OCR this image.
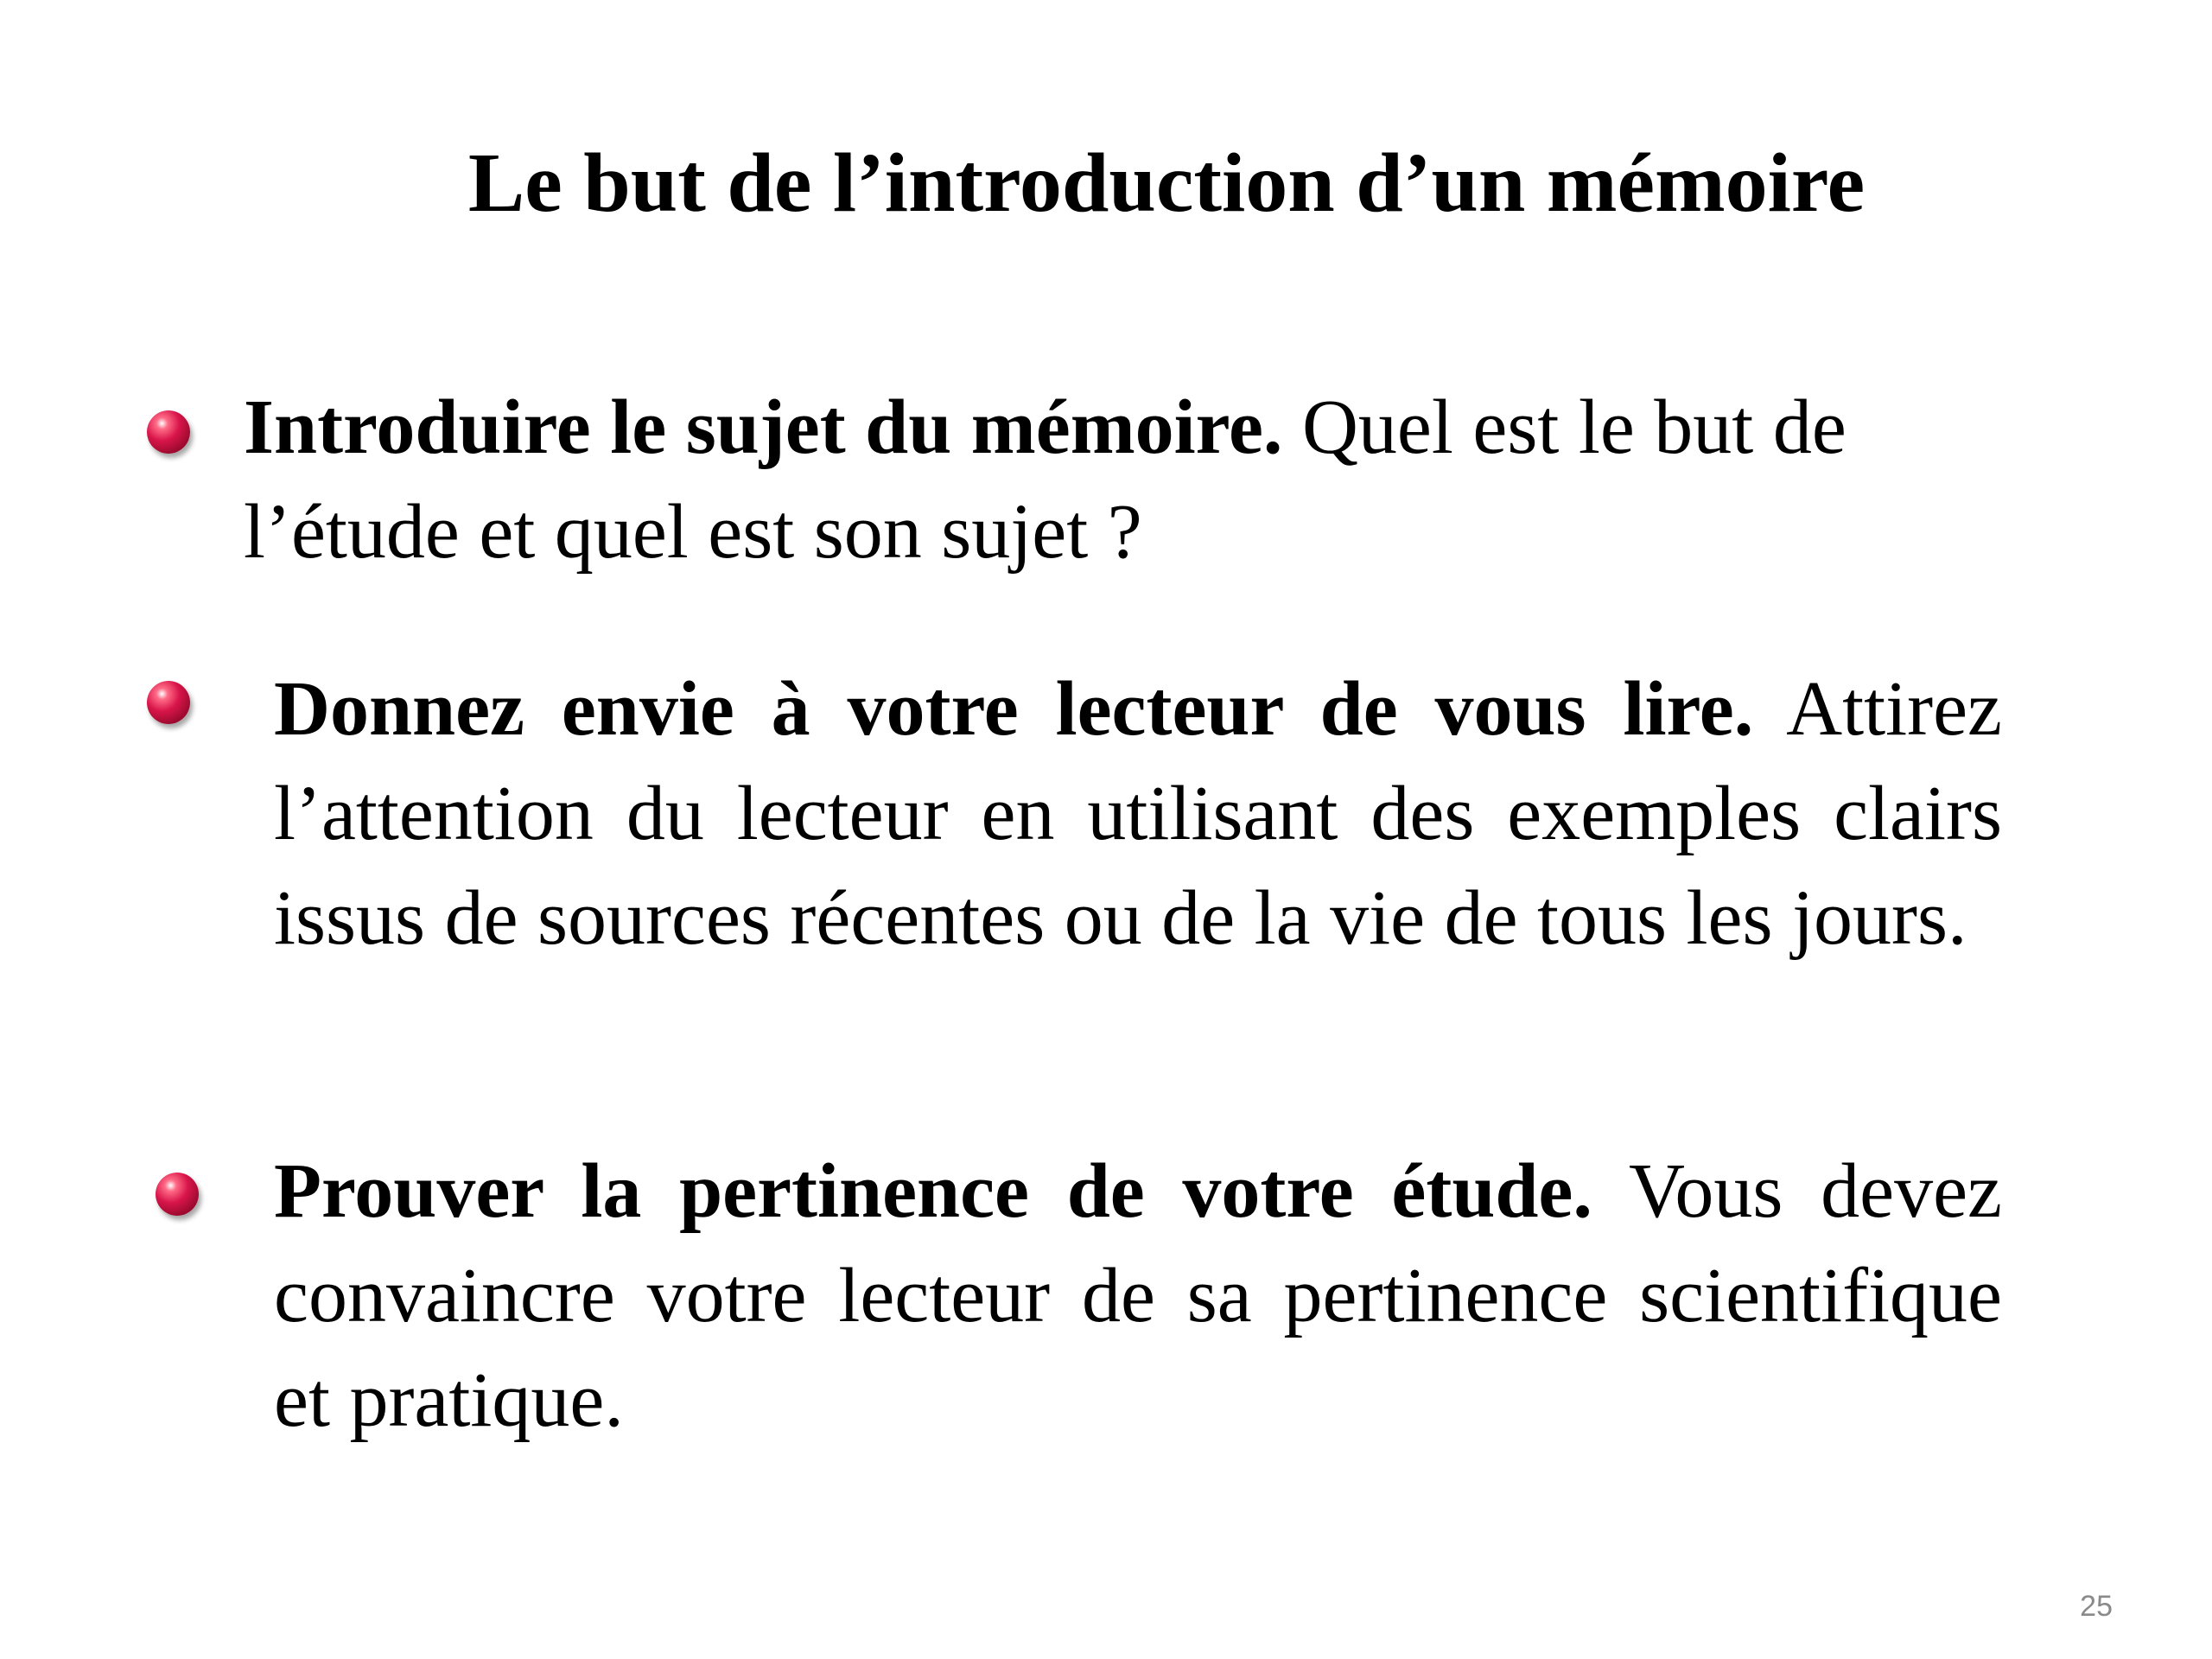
Le but de l’introduction d’un mémoire

Introduire le sujet du mémoire. Quel est le but de l’étude et quel est son sujet ?

Donnez envie à votre lecteur de vous lire. Attirez l’attention du lecteur en utilisant des exemples clairs issus de sources récentes ou de la vie de tous les jours.

Prouver la pertinence de votre étude. Vous devez convaincre votre lecteur de sa pertinence scientifique et pratique.

25
